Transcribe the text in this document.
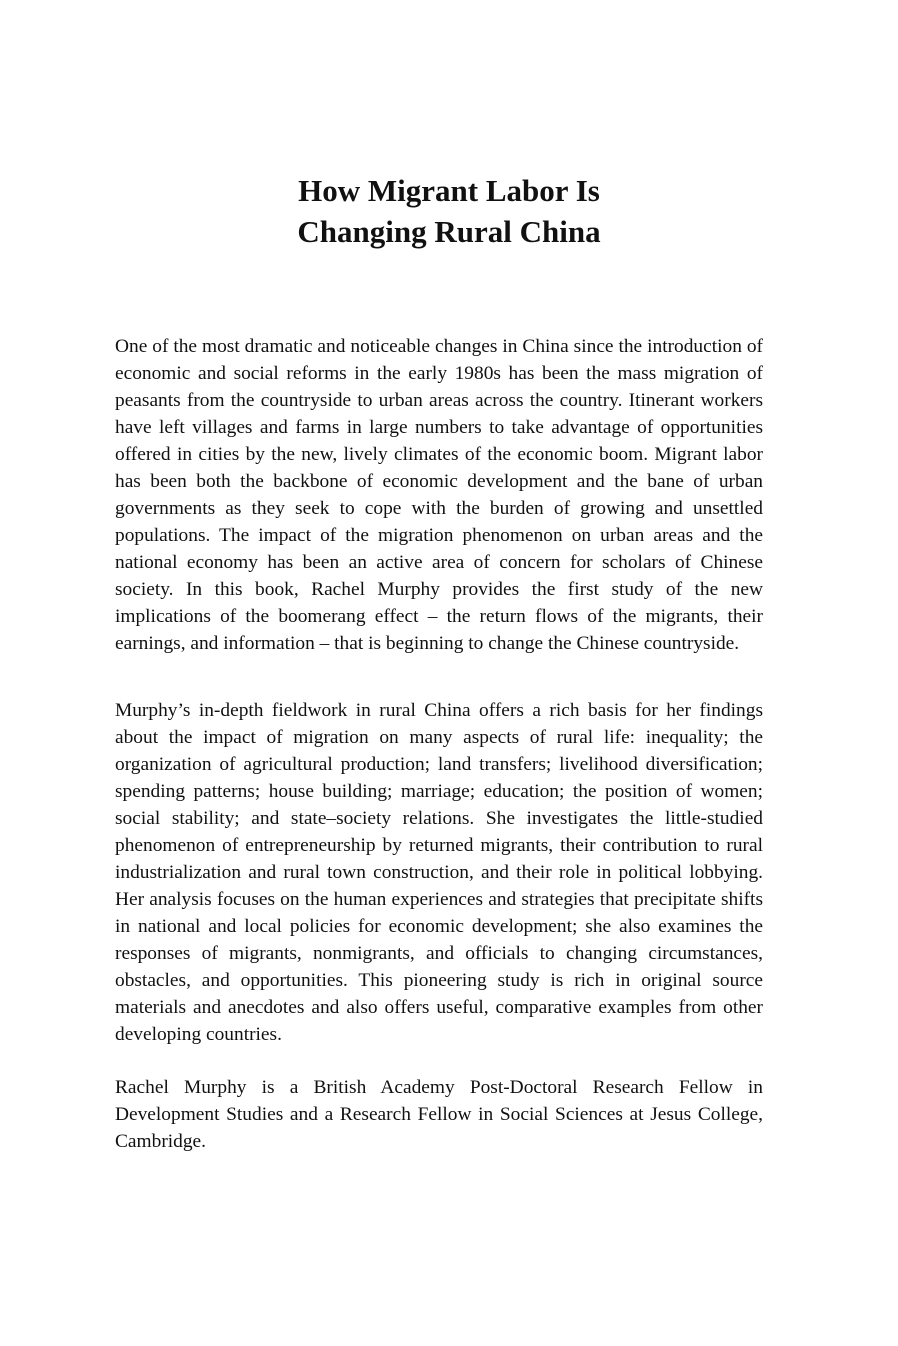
How Migrant Labor Is
Changing Rural China

One of the most dramatic and noticeable changes in China since the introduction of economic and social reforms in the early 1980s has been the mass migration of peasants from the countryside to urban areas across the country. Itinerant workers have left villages and farms in large numbers to take advantage of opportunities offered in cities by the new, lively climates of the economic boom. Migrant labor has been both the backbone of economic development and the bane of urban governments as they seek to cope with the burden of growing and unsettled populations. The impact of the migration phenomenon on urban areas and the national economy has been an active area of concern for scholars of Chinese society. In this book, Rachel Murphy provides the first study of the new implications of the boomerang effect – the return flows of the migrants, their earnings, and information – that is beginning to change the Chinese countryside.

Murphy’s in-depth fieldwork in rural China offers a rich basis for her findings about the impact of migration on many aspects of rural life: inequality; the organization of agricultural production; land transfers; livelihood diversification; spending patterns; house building; marriage; education; the position of women; social stability; and state–society relations. She investigates the little-studied phenomenon of entrepreneurship by returned migrants, their contribution to rural industrialization and rural town construction, and their role in political lobbying. Her analysis focuses on the human experiences and strategies that precipitate shifts in national and local policies for economic development; she also examines the responses of migrants, nonmigrants, and officials to changing circumstances, obstacles, and opportunities. This pioneering study is rich in original source materials and anecdotes and also offers useful, comparative examples from other developing countries.

Rachel Murphy is a British Academy Post-Doctoral Research Fellow in Development Studies and a Research Fellow in Social Sciences at Jesus College, Cambridge.
